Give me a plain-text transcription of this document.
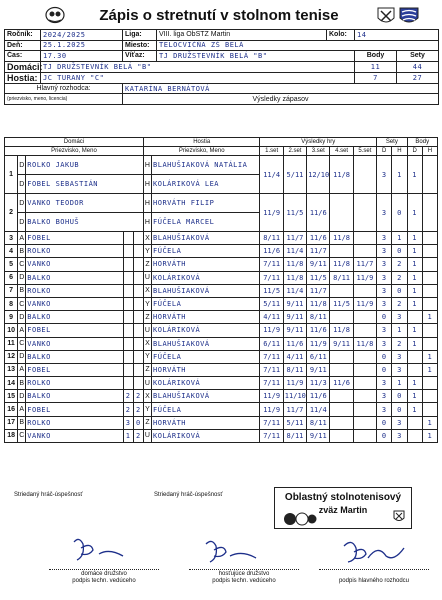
Zápis o stretnutí v stolnom tenise
Ročník:	2024/2025	Liga:	VIII. liga ObSTZ Martin	Kolo:	14	
Deň:	25.1.2025	Miesto:	TELOCVIČŇA ZŠ BELÁ			
Čas:	17.30	Víťaz:	TJ DRUŽSTEVNÍK BELÁ "B"		Body	Sety
Domáci:	TJ DRUŽSTEVNÍK BELÁ "B"				11	44
Hostia:	JC TURANY "C"				7	27
Hlavný rozhodca:		KATARÍNA BERNÁTOVÁ				
(priezvisko, meno, licencia)		Výsledky zápasov				
Domáci					Hostia		Výsledky hry					Sety		Body	
Priezvisko, Meno					Priezvisko, Meno		1.set	2.set	3.set	4.set	5.set	D	H	D	H
1	D	ROLKO JAKUB			H	BLAHUŠIAKOVÁ NATÁLIA	11/4	5/11	12/10	11/8		3	1	1	
	D	FOBEL SEBASTIÁN			H	KOLÁRIKOVÁ LEA									
2	D	VANKO TEODOR			H	HORVÁTH FILIP	11/9	11/5	11/6			3	0	1	
	D	BALKO BOHUŠ			H	FÚČELA MARCEL									
3	A	FOBEL			X	BLAHUŠIAKOVÁ	8/11	11/7	11/6	11/8		3	1	1	
4	B	ROLKO			Y	FÚČELA	11/6	11/4	11/7			3	0	1	
5	C	VANKO			Z	HORVÁTH	7/11	11/8	9/11	11/8	11/7	3	2	1	
6	D	BALKO			U	KOLÁRIKOVÁ	7/11	11/8	11/5	8/11	11/9	3	2	1	
7	B	ROLKO			X	BLAHUŠIAKOVÁ	11/5	11/4	11/7			3	0	1	
8	C	VANKO			Y	FÚČELA	5/11	9/11	11/8	11/5	11/9	3	2	1	
9	D	BALKO			Z	HORVÁTH	4/11	9/11	8/11			0	3		1
10	A	FOBEL			U	KOLÁRIKOVÁ	11/9	9/11	11/6	11/8		3	1	1	
11	C	VANKO			X	BLAHUŠIAKOVÁ	6/11	11/6	11/9	9/11	11/8	3	2	1	
12	D	BALKO			Y	FÚČELA	7/11	4/11	6/11			0	3		1
13	A	FOBEL			Z	HORVÁTH	7/11	8/11	9/11			0	3		1
14	B	ROLKO			U	KOLÁRIKOVÁ	7/11	11/9	11/3	11/6		3	1	1	
15	D	BALKO	2	2	X	BLAHUŠIAKOVÁ	11/9	11/10	11/6			3	0	1	
16	A	FOBEL	2	2	Y	FÚČELA	11/9	11/7	11/4			3	0	1	
17	B	ROLKO	3	0	Z	HORVÁTH	7/11	5/11	8/11			0	3		1
18	C	VANKO	1	2	U	KOLÁRIKOVÁ	7/11	8/11	9/11			0	3		1
Striedaný hráč-úspešnosť	Striedaný hráč-úspešnosť	Oblastný stolnotenisový
zväz Martin
domáce družstvo
podpis techn. vedúceho
hosťujúce družstvo
podpis techn. vedúceho	podpis hlavného rozhodcu
